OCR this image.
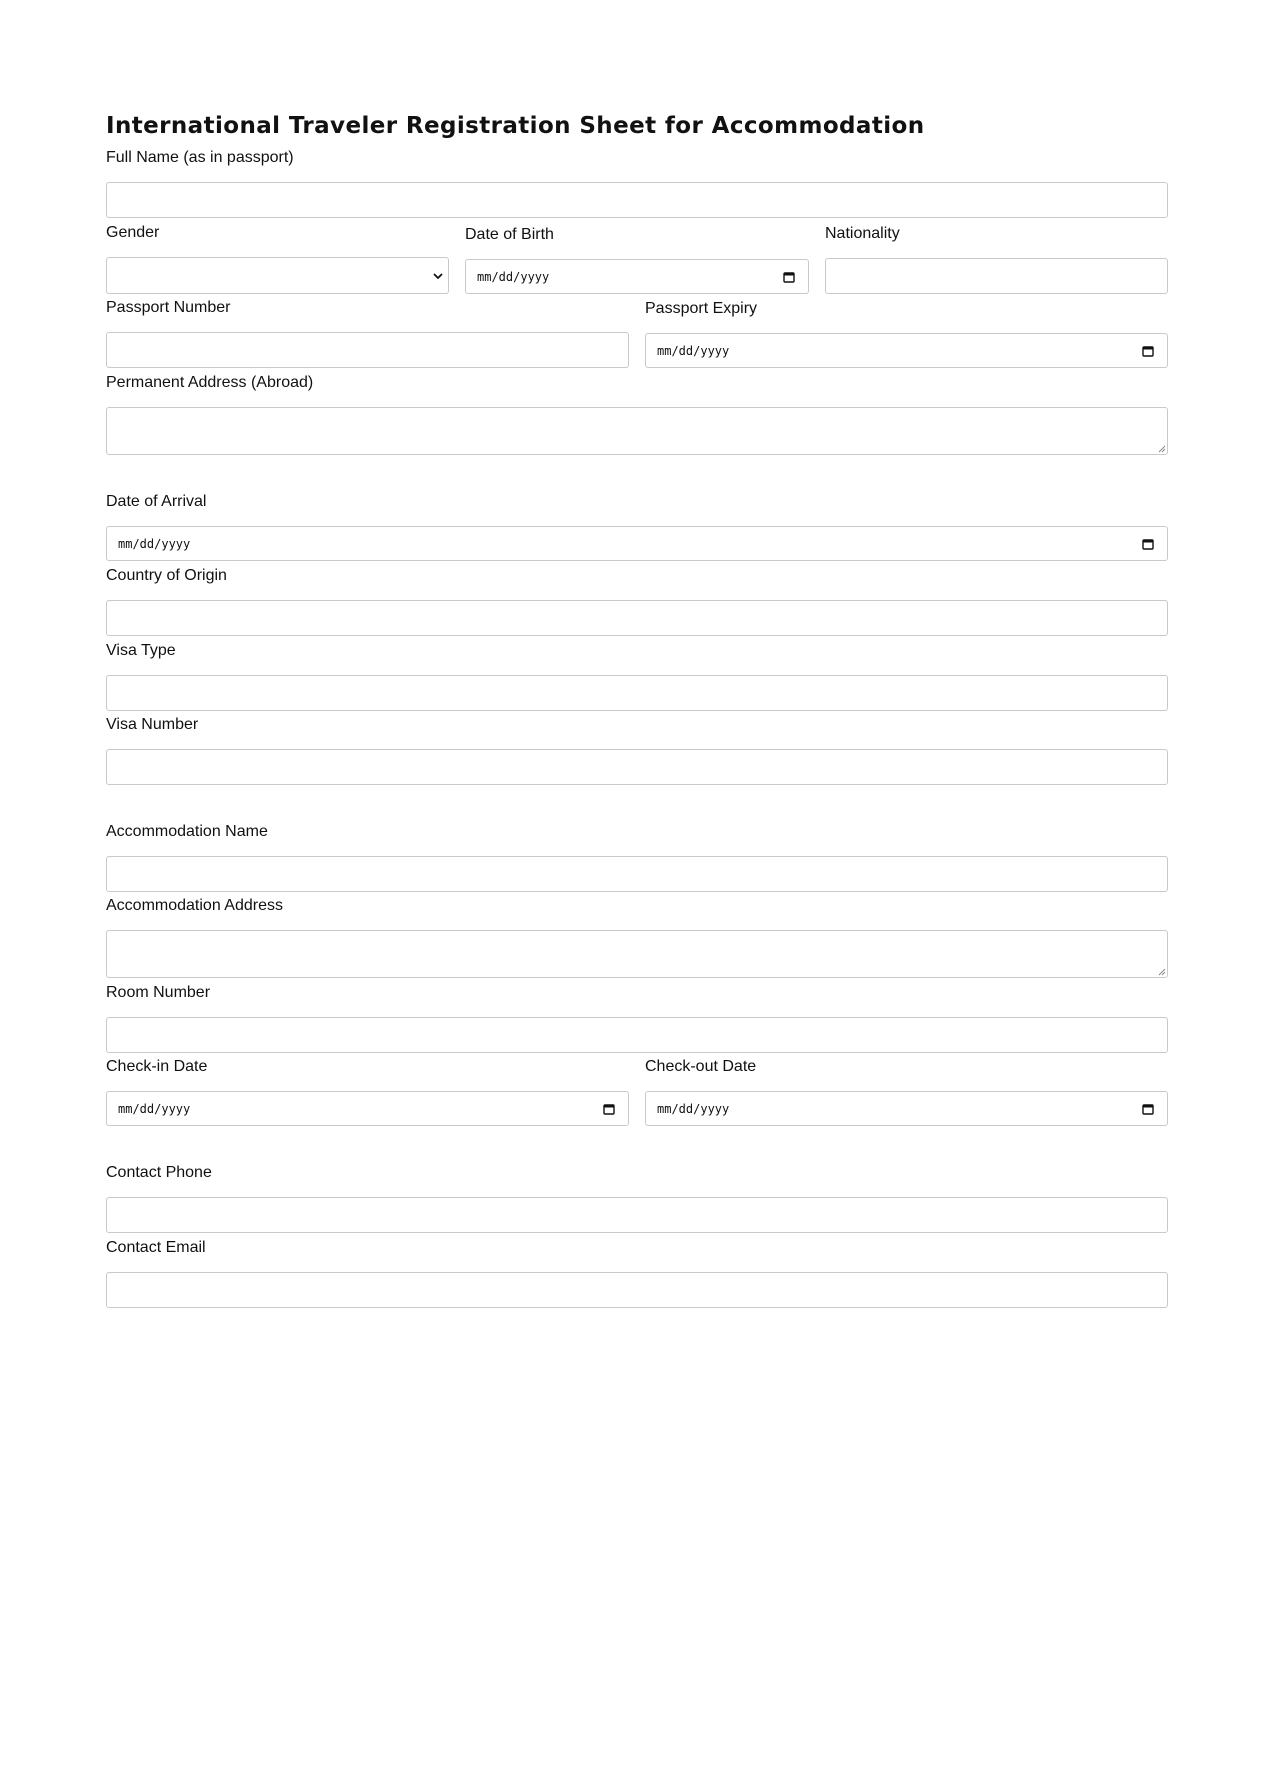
International Traveler Registration Sheet for Accommodation
Full Name (as in passport)
Gender	Date of Birth
mm/dd/yyyy
Nationality
Passport Number	Passport Expiry
mm/dd/yyyy
Permanent Address (Abroad)
Date of Arrival
mm/dd/yyyy
Country of Origin
Visa Type
Visa Number
Accommodation Name
Accommodation Address
Room Number
Check-in Date
mm/dd/yyyy
Check-out Date
mm/dd/yyyy
Contact Phone
Contact Email
